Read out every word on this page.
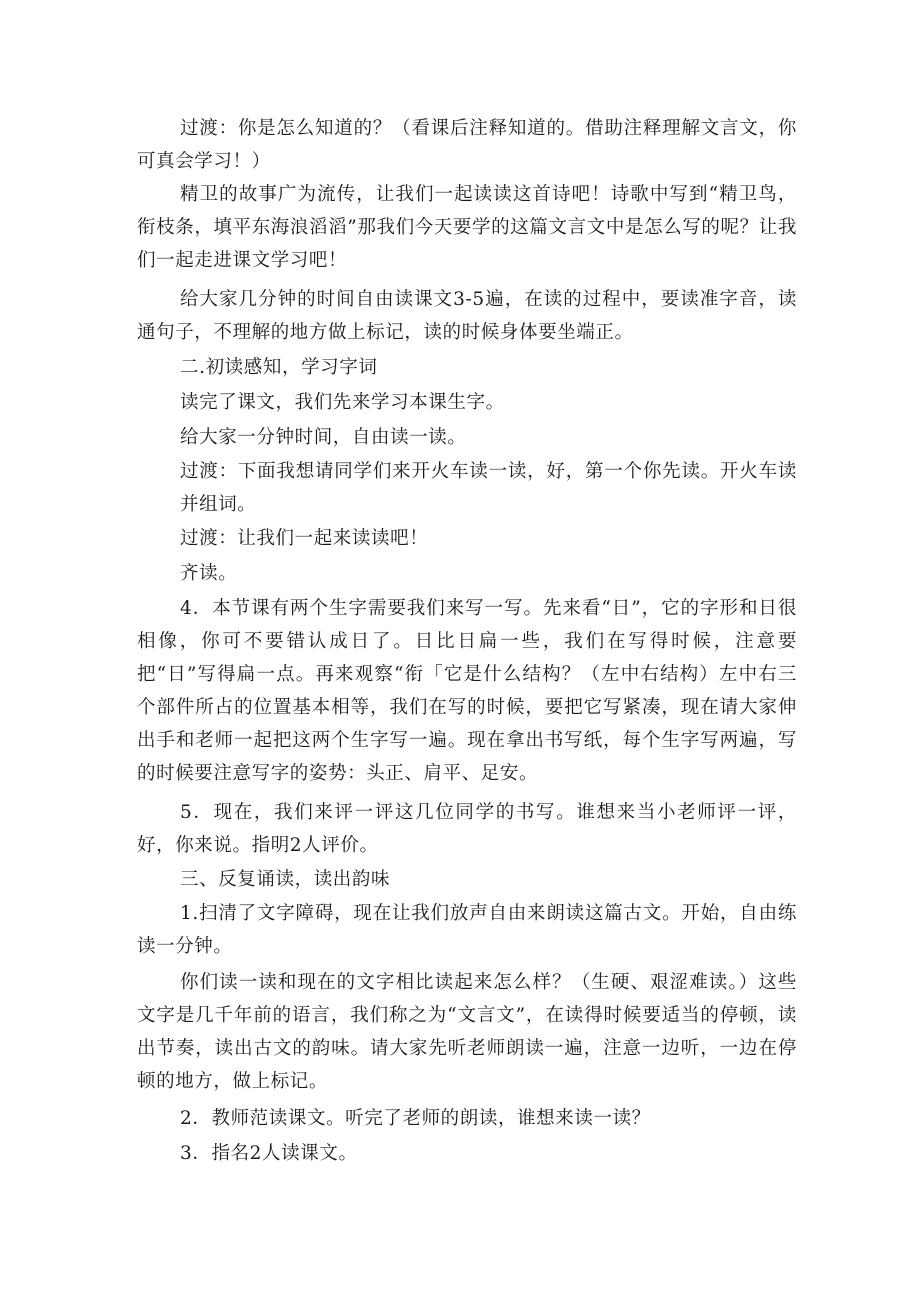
过渡：你是怎么知道的？（看课后注释知道的。借助注释理解文言文，你可真会学习！）

精卫的故事广为流传，让我们一起读读这首诗吧！诗歌中写到“精卫鸟，衔枝条，填平东海浪滔滔”那我们今天要学的这篇文言文中是怎么写的呢？让我们一起走进课文学习吧！

给大家几分钟的时间自由读课文3-5遍，在读的过程中，要读准字音，读通句子，不理解的地方做上标记，读的时候身体要坐端正。

二.初读感知，学习字词

读完了课文，我们先来学习本课生字。

给大家一分钟时间，自由读一读。

过渡：下面我想请同学们来开火车读一读，好，第一个你先读。开火车读并组词。

过渡：让我们一起来读读吧！

齐读。

4．本节课有两个生字需要我们来写一写。先来看“日”，它的字形和日很相像，你可不要错认成日了。日比日扁一些，我们在写得时候，注意要把“日”写得扁一点。再来观察“衔「它是什么结构？（左中右结构）左中右三个部件所占的位置基本相等，我们在写的时候，要把它写紧凑，现在请大家伸出手和老师一起把这两个生字写一遍。现在拿出书写纸，每个生字写两遍，写的时候要注意写字的姿势：头正、肩平、足安。

5．现在，我们来评一评这几位同学的书写。谁想来当小老师评一评，好，你来说。指明2人评价。

三、反复诵读，读出韵味

1.扫清了文字障碍，现在让我们放声自由来朗读这篇古文。开始，自由练读一分钟。

你们读一读和现在的文字相比读起来怎么样？（生硬、艰涩难读。）这些文字是几千年前的语言，我们称之为“文言文”，在读得时候要适当的停顿，读出节奏，读出古文的韵味。请大家先听老师朗读一遍，注意一边听，一边在停顿的地方，做上标记。

2．教师范读课文。听完了老师的朗读，谁想来读一读？

3．指名2人读课文。
